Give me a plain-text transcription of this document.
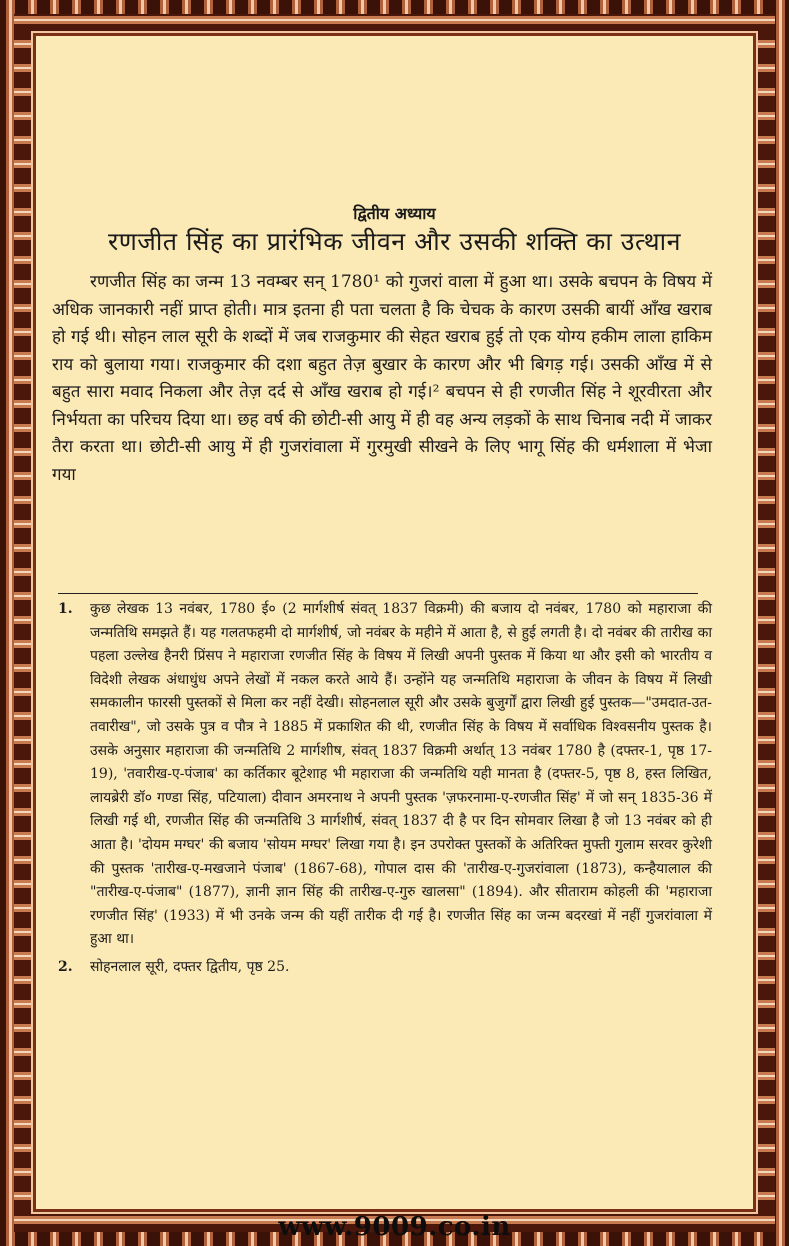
द्वितीय अध्याय
रणजीत सिंह का प्रारंभिक जीवन और उसकी शक्ति का उत्थान

रणजीत सिंह का जन्म 13 नवम्बर सन् 1780¹ को गुजरां वाला में हुआ था। उसके बचपन के विषय में अधिक जानकारी नहीं प्राप्त होती। मात्र इतना ही पता चलता है कि चेचक के कारण उसकी बायीं आँख खराब हो गई थी। सोहन लाल सूरी के शब्दों में जब राजकुमार की सेहत खराब हुई तो एक योग्य हकीम लाला हाकिम राय को बुलाया गया। राजकुमार की दशा बहुत तेज़ बुखार के कारण और भी बिगड़ गई। उसकी आँख में से बहुत सारा मवाद निकला और तेज़ दर्द से आँख खराब हो गई।² बचपन से ही रणजीत सिंह ने शूरवीरता और निर्भयता का परिचय दिया था। छह वर्ष की छोटी-सी आयु में ही वह अन्य लड़कों के साथ चिनाब नदी में जाकर तैरा करता था। छोटी-सी आयु में ही गुजरांवाला में गुरमुखी सीखने के लिए भागू सिंह की धर्मशाला में भेजा गया

1.	कुछ लेखक 13 नवंबर, 1780 ई० (2 मार्गशीर्ष संवत् 1837 विक्रमी) की बजाय दो नवंबर, 1780 को महाराजा की जन्मतिथि समझते हैं। यह गलतफहमी दो मार्गशीर्ष, जो नवंबर के महीने में आता है, से हुई लगती है। दो नवंबर की तारीख का पहला उल्लेख हैनरी प्रिंसप ने महाराजा रणजीत सिंह के विषय में लिखी अपनी पुस्तक में किया था और इसी को भारतीय व विदेशी लेखक अंधाधुंध अपने लेखों में नकल करते आये हैं। उन्होंने यह जन्मतिथि महाराजा के जीवन के विषय में लिखी समकालीन फारसी पुस्तकों से मिला कर नहीं देखी। सोहनलाल सूरी और उसके बुजुर्गों द्वारा लिखी हुई पुस्तक—"उमदात-उत-तवारीख", जो उसके पुत्र व पौत्र ने 1885 में प्रकाशित की थी, रणजीत सिंह के विषय में सर्वाधिक विश्वसनीय पुस्तक है। उसके अनुसार महाराजा की जन्मतिथि 2 मार्गशीष, संवत् 1837 विक्रमी अर्थात् 13 नवंबर 1780 है (दफ्तर-1, पृष्ठ 17-19), 'तवारीख-ए-पंजाब' का कर्तिकार बूटेशाह भी महाराजा की जन्मतिथि यही मानता है (दफ्तर-5, पृष्ठ 8, हस्त लिखित, लायब्रेरी डॉ० गण्डा सिंह, पटियाला) दीवान अमरनाथ ने अपनी पुस्तक 'ज़फरनामा-ए-रणजीत सिंह' में जो सन् 1835-36 में लिखी गई थी, रणजीत सिंह की जन्मतिथि 3 मार्गशीर्ष, संवत् 1837 दी है पर दिन सोमवार लिखा है जो 13 नवंबर को ही आता है। 'दोयम मग्घर' की बजाय 'सोयम मग्घर' लिखा गया है। इन उपरोक्त पुस्तकों के अतिरिक्त मुफ्ती गुलाम सरवर कुरेशी की पुस्तक 'तारीख-ए-मखजाने पंजाब' (1867-68), गोपाल दास की 'तारीख-ए-गुजरांवाला (1873), कन्हैयालाल की "तारीख-ए-पंजाब" (1877), ज्ञानी ज्ञान सिंह की तारीख-ए-गुरु खालसा" (1894). और सीताराम कोहली की 'महाराजा रणजीत सिंह' (1933) में भी उनके जन्म की यहीं तारीक दी गई है। रणजीत सिंह का जन्म बदरखां में नहीं गुजरांवाला में हुआ था।
2.	सोहनलाल सूरी, दफ्तर द्वितीय, पृष्ठ 25.
www.9009.co.in
